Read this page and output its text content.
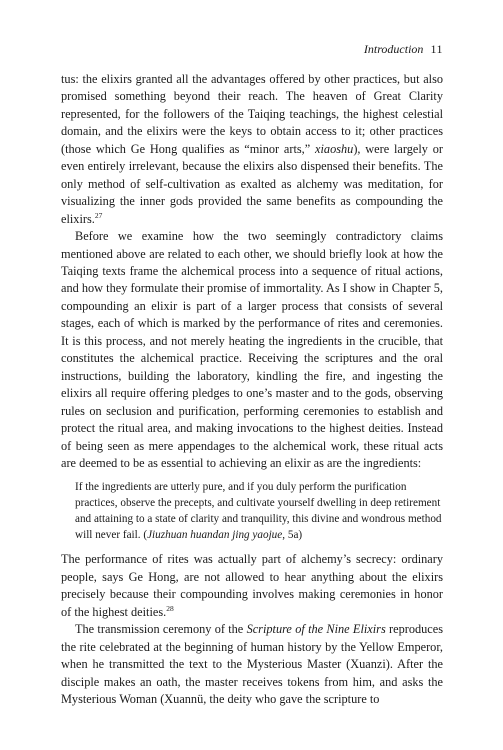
Introduction 11

tus: the elixirs granted all the advantages offered by other practices, but also promised something beyond their reach. The heaven of Great Clarity represented, for the followers of the Taiqing teachings, the highest celestial domain, and the elixirs were the keys to obtain access to it; other practices (those which Ge Hong qualifies as “minor arts,” xiaoshu), were largely or even entirely irrelevant, because the elixirs also dispensed their benefits. The only method of self-cultivation as exalted as alchemy was meditation, for visualizing the inner gods provided the same benefits as compounding the elixirs.$^{27}$

Before we examine how the two seemingly contradictory claims mentioned above are related to each other, we should briefly look at how the Taiqing texts frame the alchemical process into a sequence of ritual actions, and how they formulate their promise of immortality. As I show in Chapter 5, compounding an elixir is part of a larger process that consists of several stages, each of which is marked by the performance of rites and ceremonies. It is this process, and not merely heating the ingredients in the crucible, that constitutes the alchemical practice. Receiving the scriptures and the oral instructions, building the laboratory, kindling the fire, and ingesting the elixirs all require offering pledges to one’s master and to the gods, observing rules on seclusion and purification, performing ceremonies to establish and protect the ritual area, and making invocations to the highest deities. Instead of being seen as mere appendages to the alchemical work, these ritual acts are deemed to be as essential to achieving an elixir as are the ingredients:

If the ingredients are utterly pure, and if you duly perform the purification practices, observe the precepts, and cultivate yourself dwelling in deep retirement and attaining to a state of clarity and tranquility, this divine and wondrous method will never fail. (Jiuzhuan huandan jing yaojue, 5a)

The performance of rites was actually part of alchemy’s secrecy: ordinary people, says Ge Hong, are not allowed to hear anything about the elixirs precisely because their compounding involves making ceremonies in honor of the highest deities.$^{28}$

The transmission ceremony of the Scripture of the Nine Elixirs reproduces the rite celebrated at the beginning of human history by the Yellow Emperor, when he transmitted the text to the Mysterious Master (Xuanzi). After the disciple makes an oath, the master receives tokens from him, and asks the Mysterious Woman (Xuannü, the deity who gave the scripture to
